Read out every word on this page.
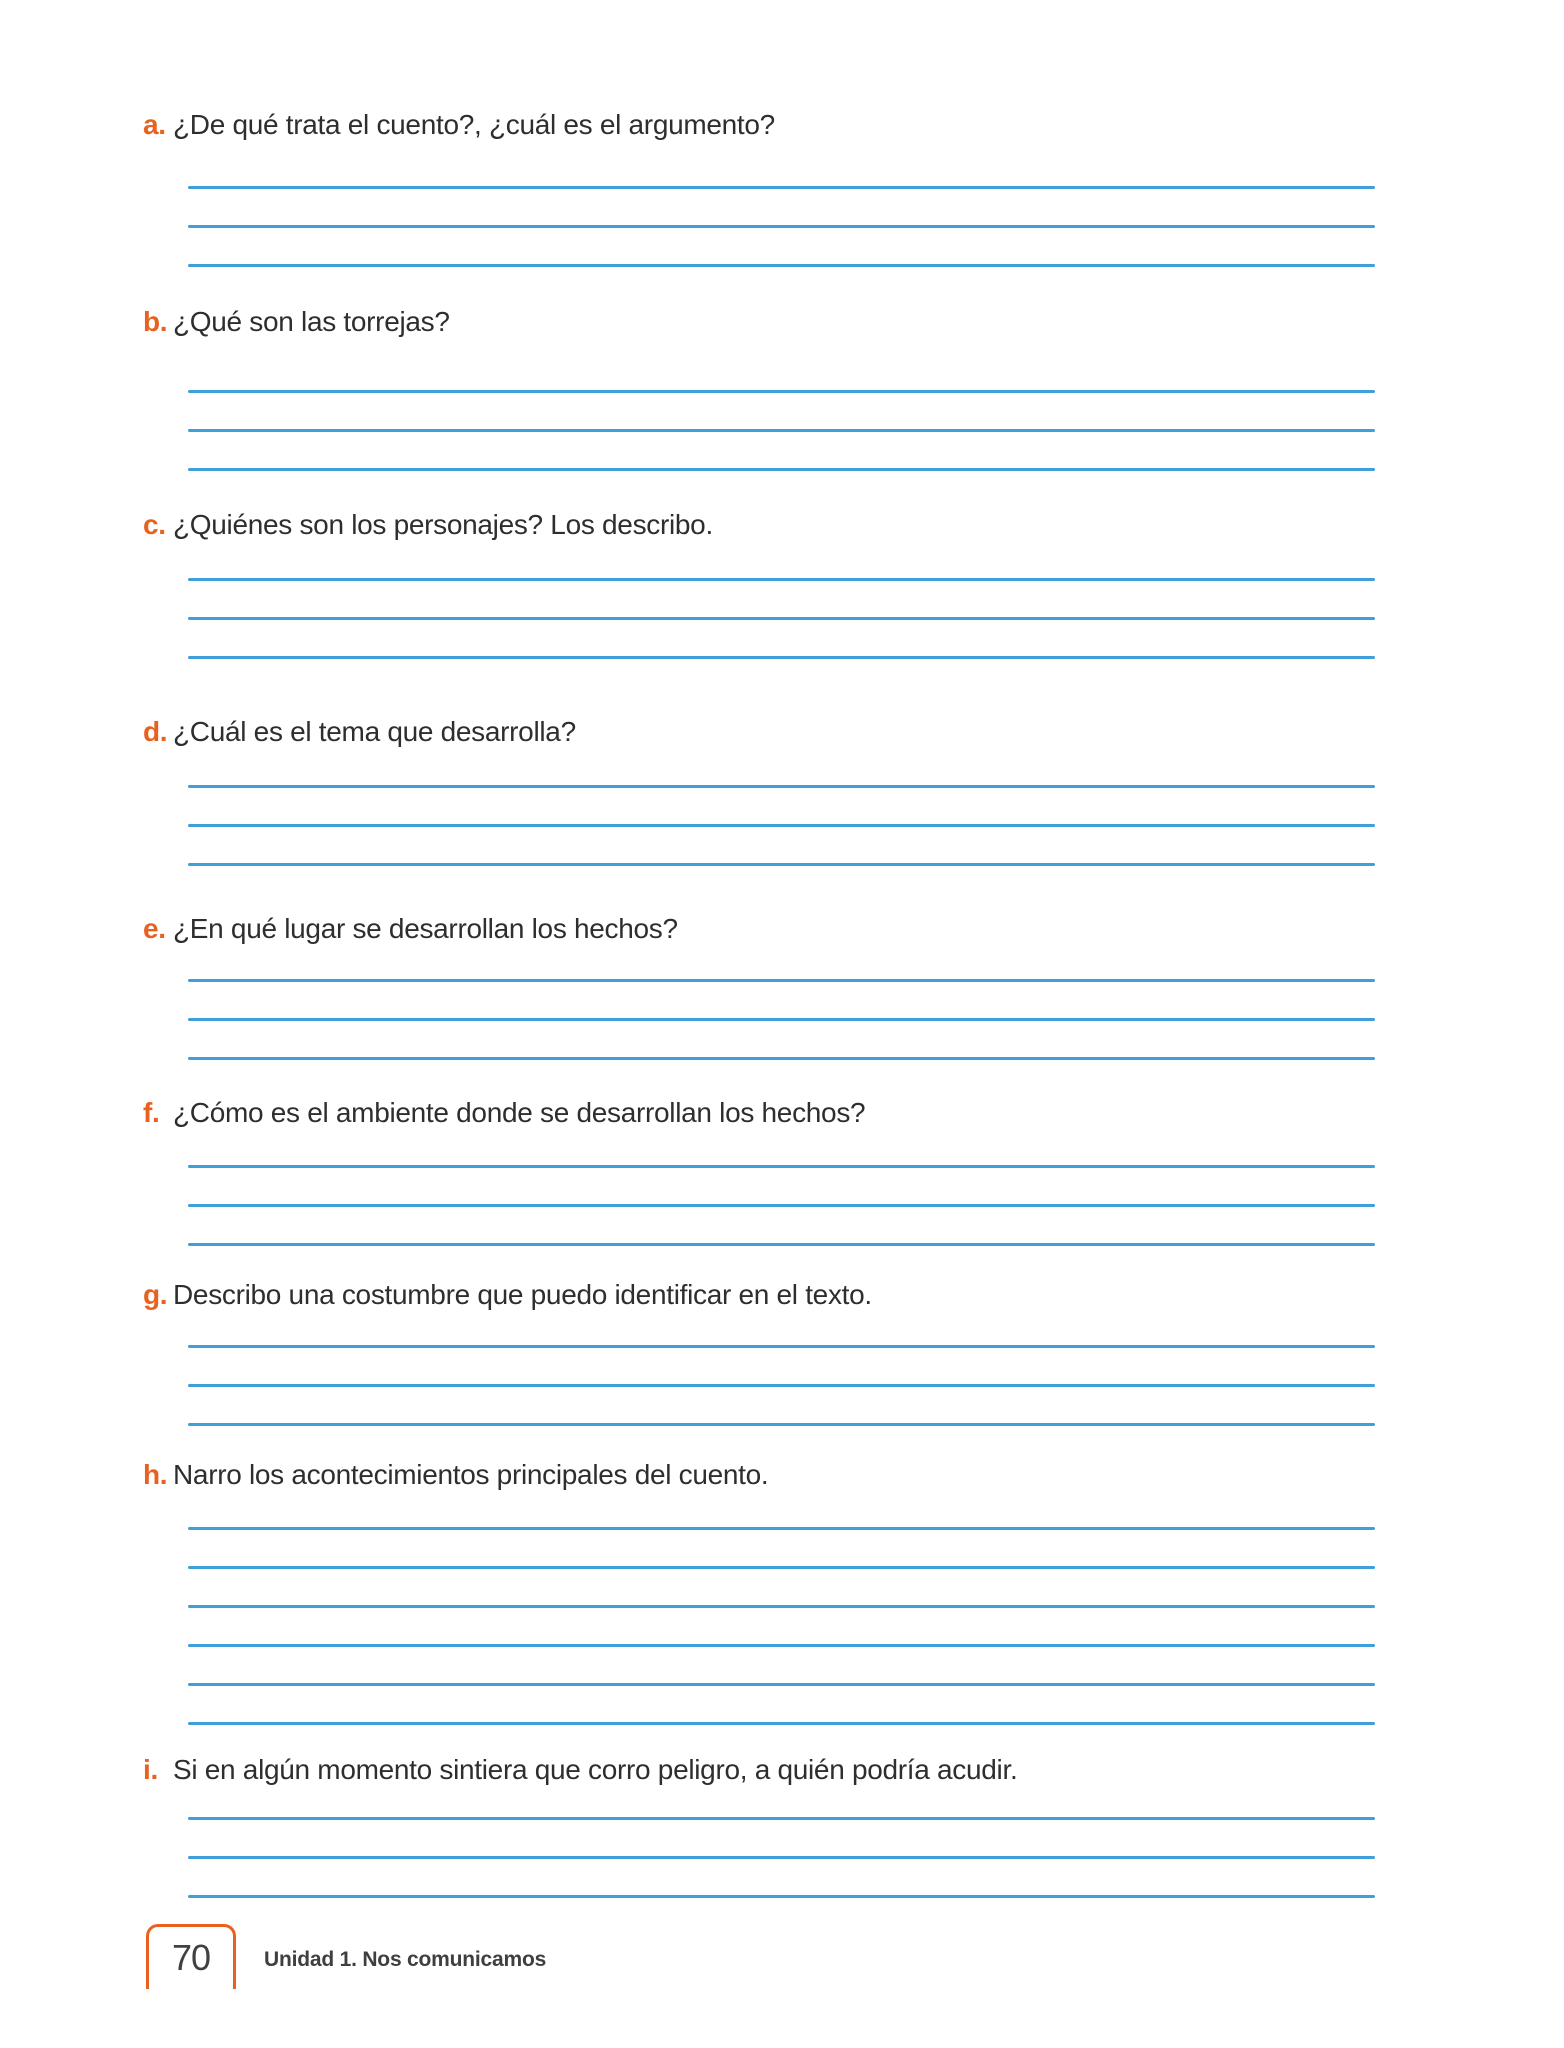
a. ¿De qué trata el cuento?, ¿cuál es el argumento?
b. ¿Qué son las torrejas?
c. ¿Quiénes son los personajes? Los describo.
d. ¿Cuál es el tema que desarrolla?
e. ¿En qué lugar se desarrollan los hechos?
f. ¿Cómo es el ambiente donde se desarrollan los hechos?
g. Describo una costumbre que puedo identificar en el texto.
h. Narro los acontecimientos principales del cuento.
i. Si en algún momento sintiera que corro peligro, a quién podría acudir.
70	Unidad 1. Nos comunicamos
